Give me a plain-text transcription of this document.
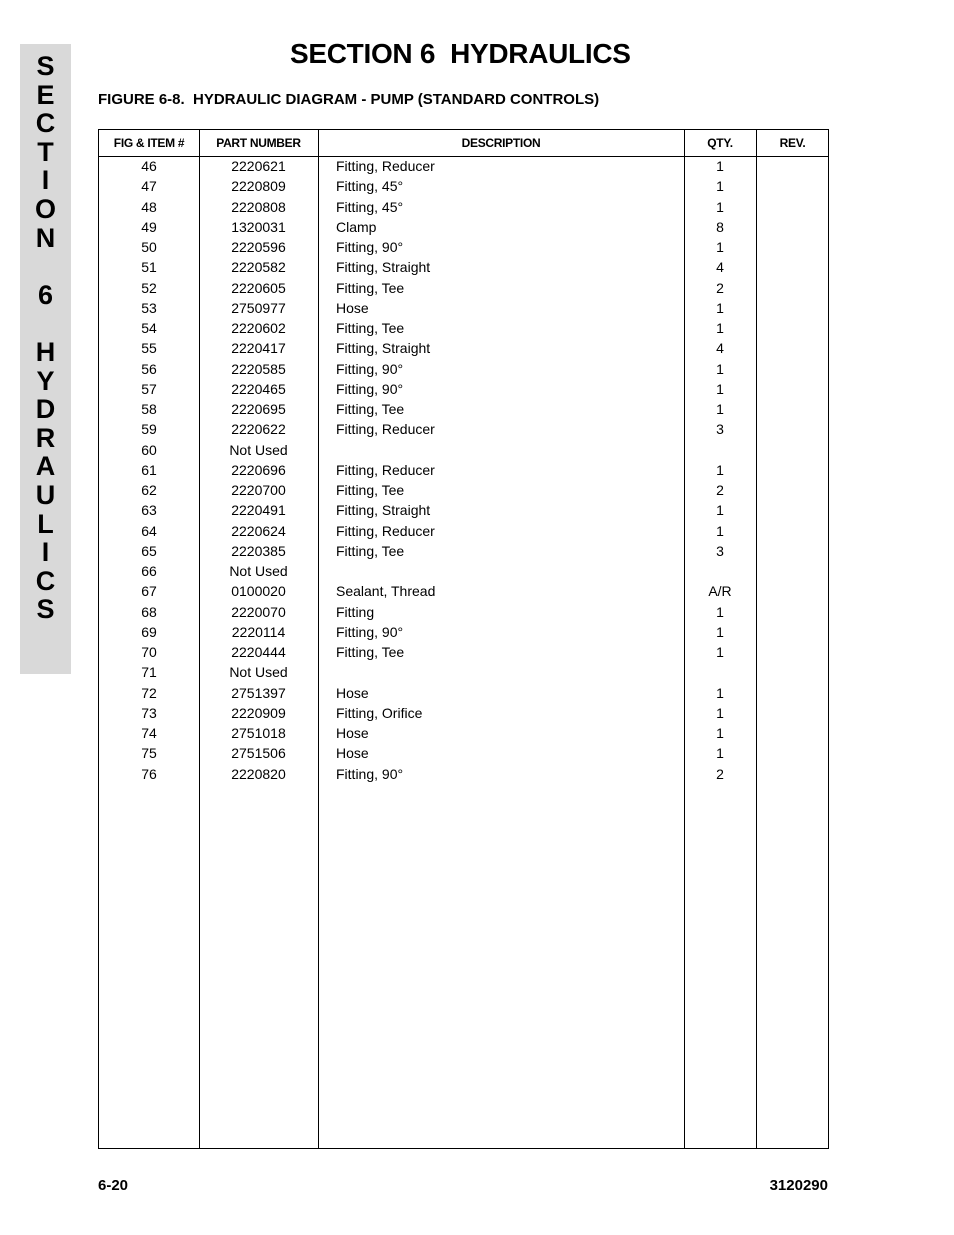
S
E
C
T
I
O
N

6

H
Y
D
R
A
U
L
I
C
S
SECTION 6  HYDRAULICS
FIGURE 6-8.  HYDRAULIC DIAGRAM - PUMP (STANDARD CONTROLS)
FIG & ITEM #	PART NUMBER	DESCRIPTION	QTY.	REV.
46	2220621	Fitting, Reducer	1
47	2220809	Fitting, 45°	1
48	2220808	Fitting, 45°	1
49	1320031	Clamp	8
50	2220596	Fitting, 90°	1
51	2220582	Fitting, Straight	4
52	2220605	Fitting, Tee	2
53	2750977	Hose	1
54	2220602	Fitting, Tee	1
55	2220417	Fitting, Straight	4
56	2220585	Fitting, 90°	1
57	2220465	Fitting, 90°	1
58	2220695	Fitting, Tee	1
59	2220622	Fitting, Reducer	3
60	Not Used
61	2220696	Fitting, Reducer	1
62	2220700	Fitting, Tee	2
63	2220491	Fitting, Straight	1
64	2220624	Fitting, Reducer	1
65	2220385	Fitting, Tee	3
66	Not Used
67	0100020	Sealant, Thread	A/R
68	2220070	Fitting	1
69	2220114	Fitting, 90°	1
70	2220444	Fitting, Tee	1
71	Not Used
72	2751397	Hose	1
73	2220909	Fitting, Orifice	1
74	2751018	Hose	1
75	2751506	Hose	1
76	2220820	Fitting, 90°	2
6-20	3120290
